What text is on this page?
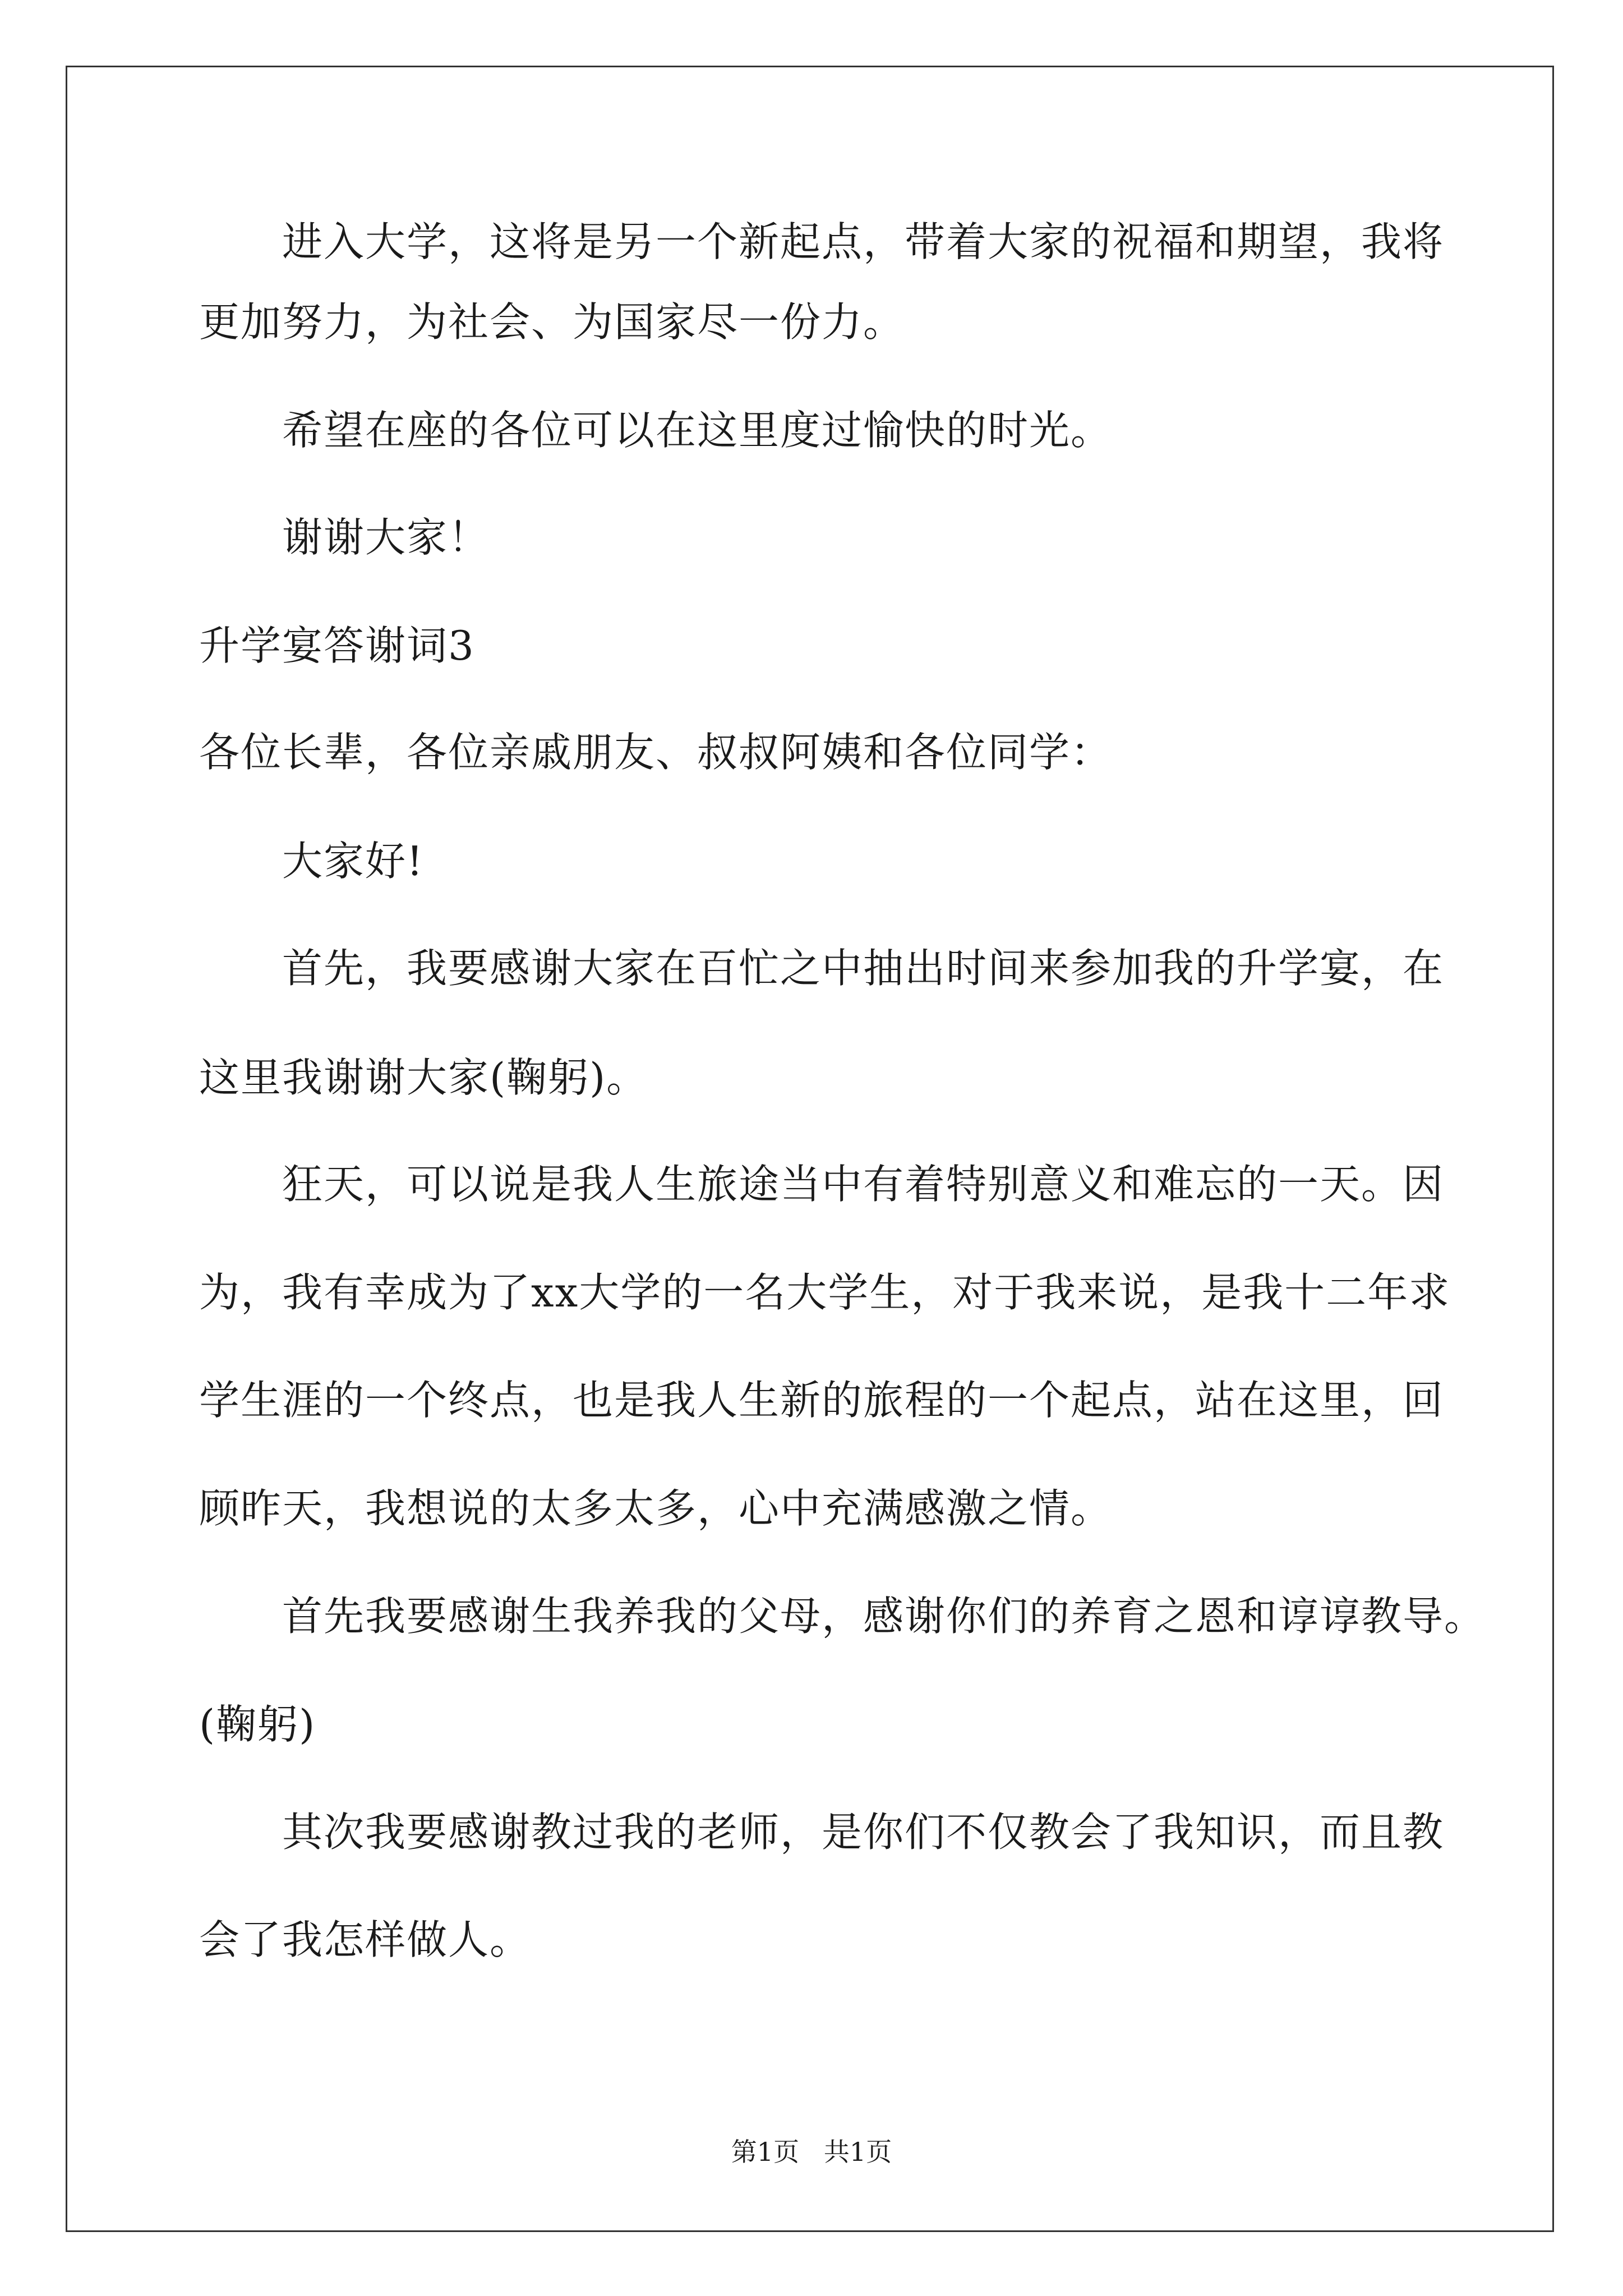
进入大学，这将是另一个新起点，带着大家的祝福和期望，我将
更加努力，为社会、为国家尽一份力。
希望在座的各位可以在这里度过愉快的时光。
谢谢大家！
升学宴答谢词3
各位长辈，各位亲戚朋友、叔叔阿姨和各位同学：
大家好!
首先，我要感谢大家在百忙之中抽出时间来参加我的升学宴，在
这里我谢谢大家(鞠躬)。
狂天，可以说是我人生旅途当中有着特别意义和难忘的一天。因
为，我有幸成为了xx大学的一名大学生，对于我来说，是我十二年求
学生涯的一个终点，也是我人生新的旅程的一个起点，站在这里，回
顾昨天，我想说的太多太多，心中充满感激之情。
首先我要感谢生我养我的父母，感谢你们的养育之恩和谆谆教导。
(鞠躬)
其次我要感谢教过我的老师，是你们不仅教会了我知识，而且教
会了我怎样做人。
第1页   共1页
